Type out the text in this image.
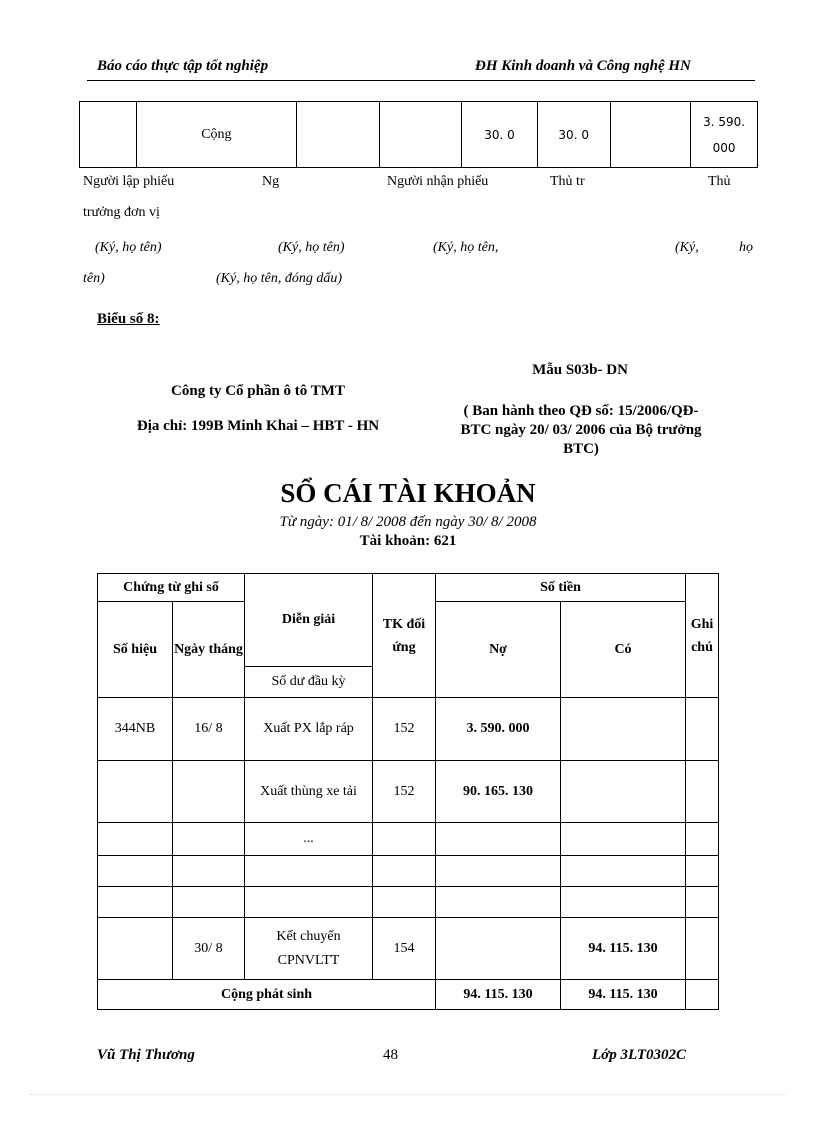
Báo cáo thực tập tốt nghiệp	ĐH Kinh doanh và Công nghệ HN
	Cộng			30. 0	30. 0		3. 590. 000
Người lập phiếu	Ng	Người nhận phiếu	Thủ tr	Thủ
trưởng đơn vị
(Ký, họ tên)	(Ký, họ tên)	(Ký, họ tên,	(Ký,	họ
tên)	(Ký, họ tên, đóng dấu)
Biểu số 8:
Công ty Cổ phần ô tô TMT
Địa chỉ: 199B Minh Khai – HBT - HN
Mẫu S03b- DN
( Ban hành theo QĐ số: 15/2006/QĐ-
BTC ngày 20/ 03/ 2006 của Bộ trưởng
BTC)
SỔ CÁI TÀI KHOẢN
Từ ngày: 01/ 8/ 2008 đến ngày 30/ 8/ 2008
Tài khoản: 621
Chứng từ ghi sổ		Diễn giải	TK đối ứng	Số tiền		Ghi chú
Số hiệu	Ngày tháng			Nợ	Có	
		Số dư đầu kỳ				
344NB	16/ 8	Xuất PX lắp ráp	152	3. 590. 000		
		Xuất thùng xe tải	152	90. 165. 130		
		...				

	30/ 8	Kết chuyển CPNVLTT	154		94. 115. 130	
Cộng phát sinh				94. 115. 130	94. 115. 130	
Vũ Thị Thương	48	Lớp 3LT0302C
